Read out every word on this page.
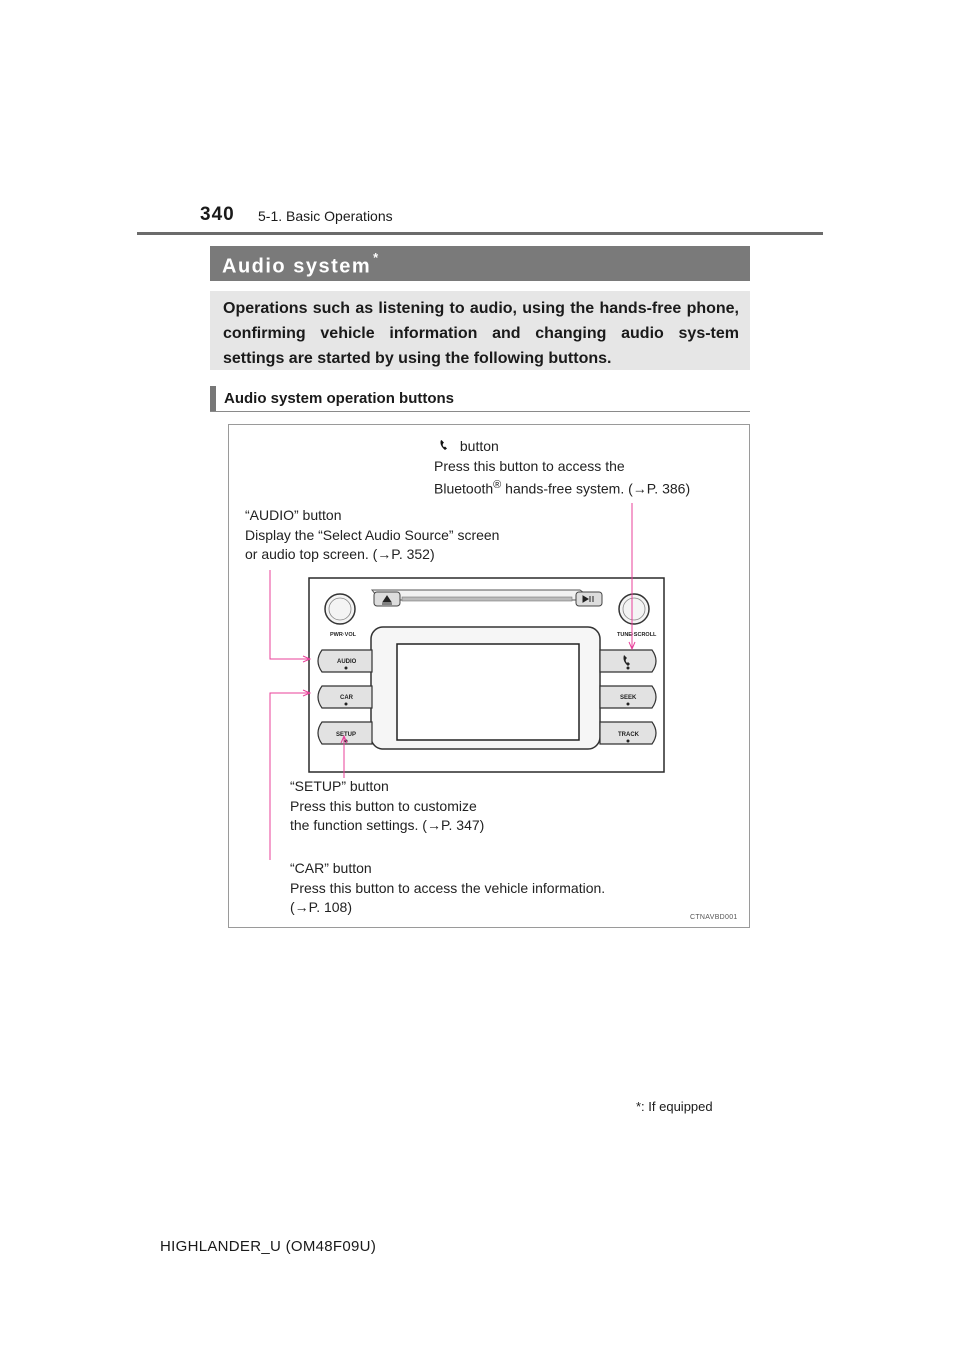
340 5-1. Basic Operations
Audio system *
Operations such as listening to audio, using the hands-free phone, confirming vehicle information and changing audio sys-tem settings are started by using the following buttons.
Audio system operation buttons
PWR·VOL	TUNE·SCROLL
AUDIO
CAR
SETUP
SEEK
TRACK
button
Press this button to access the
Bluetooth® hands-free system. (→P. 386)
“AUDIO” button
Display the “Select Audio Source” screen
or audio top screen. (→P. 352)
“SETUP” button
Press this button to customize
the function settings. (→P. 347)
“CAR” button
Press this button to access the vehicle information.
(→P. 108)
CTNAVBD001
*: If equipped
HIGHLANDER_U (OM48F09U)
